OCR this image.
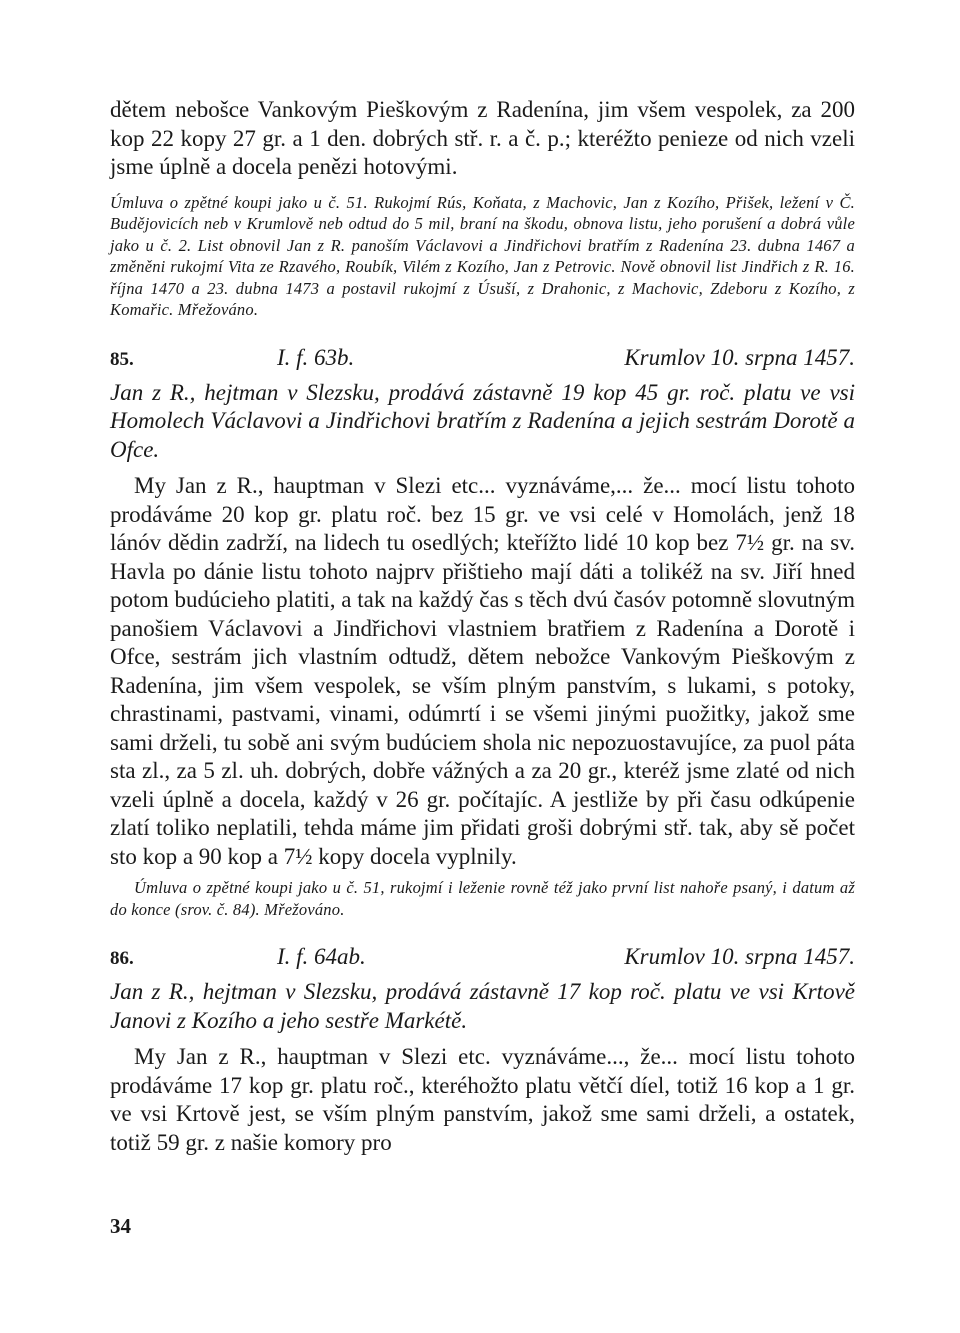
dětem nebošce Vankovým Pieškovým z Radenína, jim všem vespolek, za 200 kop 22 kopy 27 gr. a 1 den. dobrých stř. r. a č. p.; kteréžto penieze od nich vzeli jsme úplně a docela penězi hotovými.

Úmluva o zpětné koupi jako u č. 51. Rukojmí Rús, Koňata, z Machovic, Jan z Kozího, Přišek, ležení v Č. Budějovicích neb v Krumlově neb odtud do 5 mil, braní na škodu, obnova listu, jeho porušení a dobrá vůle jako u č. 2. List obnovil Jan z R. panoším Václavovi a Jindřichovi bratřím z Radenína 23. dubna 1467 a změněni rukojmí Vita ze Rzavého, Roubík, Vilém z Kozího, Jan z Petrovic. Nově obnovil list Jindřich z R. 16. října 1470 a 23. dubna 1473 a postavil rukojmí z Úsuší, z Drahonic, z Machovic, Zdeboru z Kozího, z Komařic. Mřežováno.

85.	I. f. 63b.	Krumlov 10. srpna 1457.

Jan z R., hejtman v Slezsku, prodává zástavně 19 kop 45 gr. roč. platu ve vsi Homolech Václavovi a Jindřichovi bratřím z Radenína a jejich sestrám Dorotě a Ofce.

My Jan z R., hauptman v Slezi etc... vyznáváme,... že... mocí listu tohoto prodáváme 20 kop gr. platu roč. bez 15 gr. ve vsi celé v Homolách, jenž 18 lánóv dědin zadrží, na lidech tu osedlých; kteřížto lidé 10 kop bez 7½ gr. na sv. Havla po dánie listu tohoto najprv přištieho mají dáti a tolikéž na sv. Jiří hned potom budúcieho platiti, a tak na každý čas s těch dvú časóv potomně slovutným panošiem Václavovi a Jindřichovi vlastniem bratřiem z Radenína a Dorotě i Ofce, sestrám jich vlastním odtudž, dětem nebožce Vankovým Pieškovým z Radenína, jim všem vespolek, se vším plným panstvím, s lukami, s potoky, chrastinami, pastvami, vinami, odúmrtí i se všemi jinými puožitky, jakož sme sami drželi, tu sobě ani svým budúciem shola nic nepozuostavujíce, za puol páta sta zl., za 5 zl. uh. dobrých, dobře vážných a za 20 gr., kteréž jsme zlaté od nich vzeli úplně a docela, každý v 26 gr. počítajíc. A jestliže by při času odkúpenie zlatí toliko neplatili, tehda máme jim přidati groši dobrými stř. tak, aby sě počet sto kop a 90 kop a 7½ kopy docela vyplnily.

Úmluva o zpětné koupi jako u č. 51, rukojmí i leženie rovně též jako první list nahoře psaný, i datum až do konce (srov. č. 84). Mřežováno.

86.	I. f. 64ab.	Krumlov 10. srpna 1457.

Jan z R., hejtman v Slezsku, prodává zástavně 17 kop roč. platu ve vsi Krtově Janovi z Kozího a jeho sestře Markétě.

My Jan z R., hauptman v Slezi etc. vyznáváme..., že... mocí listu tohoto prodáváme 17 kop gr. platu roč., kteréhožto platu větčí díel, totiž 16 kop a 1 gr. ve vsi Krtově jest, se vším plným panstvím, jakož sme sami drželi, a ostatek, totiž 59 gr. z našie komory pro

34
